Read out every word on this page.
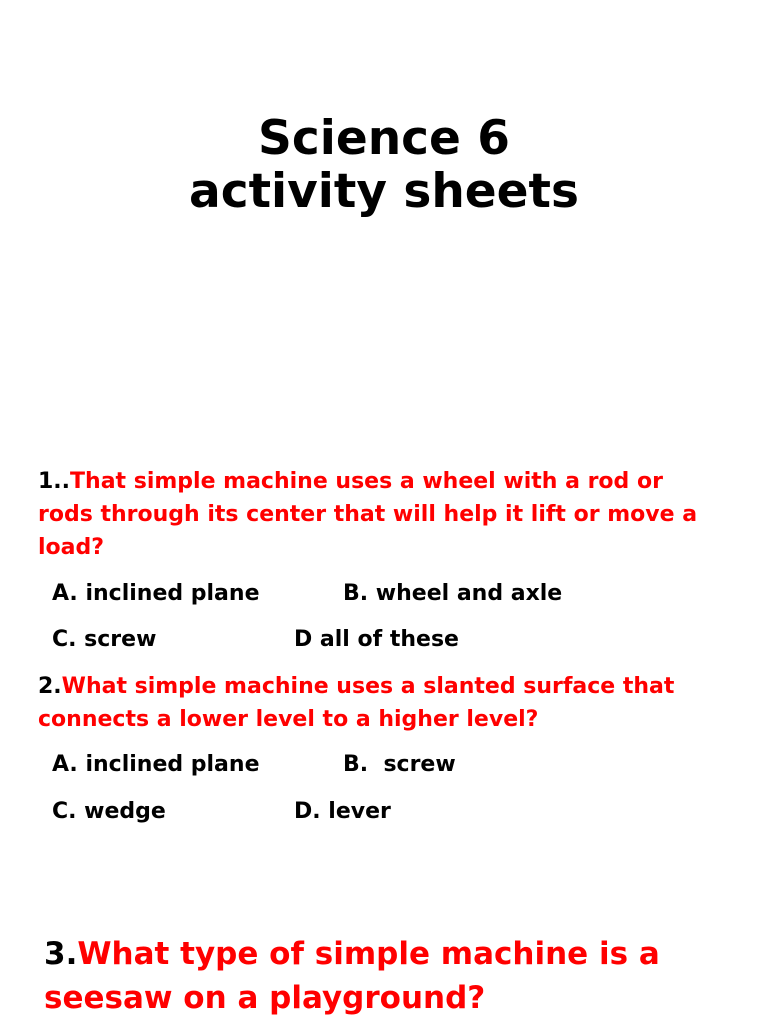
Science 6
activity sheets

1..That simple machine uses a wheel with a rod or rods through its center that will help it lift or move a load?

A. inclined plane	B. wheel and axle
C. screw	D all of these

2.What simple machine uses a slanted surface that connects a lower level to a higher level?

A. inclined plane	B.  screw
C. wedge	D. lever

3.What type of simple machine is a seesaw on a playground?
